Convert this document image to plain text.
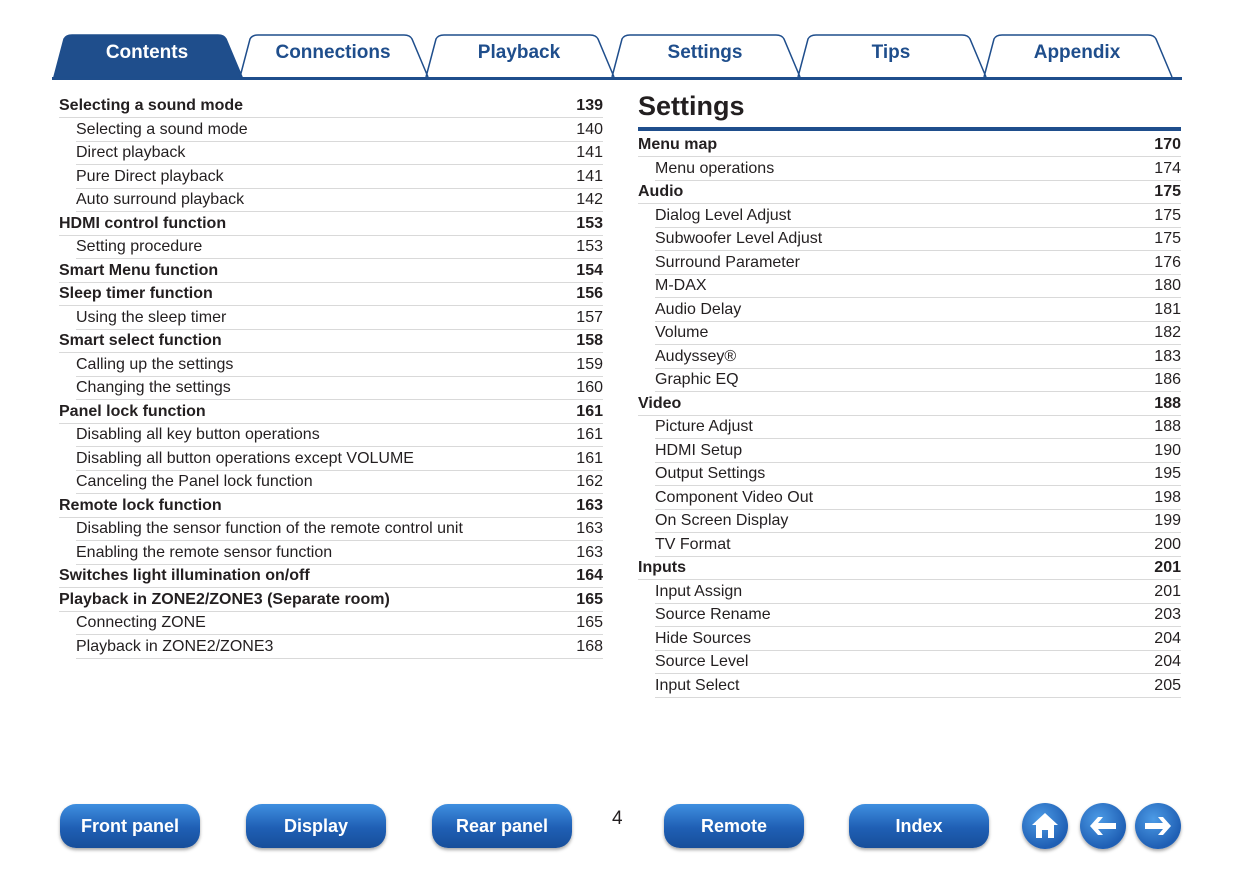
Contents	Connections	Playback	Settings	Tips	Appendix
Selecting a sound mode	139
Selecting a sound mode	140
Direct playback	141
Pure Direct playback	141
Auto surround playback	142
HDMI control function	153
Setting procedure	153
Smart Menu function	154
Sleep timer function	156
Using the sleep timer	157
Smart select function	158
Calling up the settings	159
Changing the settings	160
Panel lock function	161
Disabling all key button operations	161
Disabling all button operations except VOLUME	161
Canceling the Panel lock function	162
Remote lock function	163
Disabling the sensor function of the remote control unit	163
Enabling the remote sensor function	163
Switches light illumination on/off	164
Playback in ZONE2/ZONE3 (Separate room)	165
Connecting ZONE	165
Playback in ZONE2/ZONE3	168
Settings
Menu map	170
Menu operations	174
Audio	175
Dialog Level Adjust	175
Subwoofer Level Adjust	175
Surround Parameter	176
M-DAX	180
Audio Delay	181
Volume	182
Audyssey®	183
Graphic EQ	186
Video	188
Picture Adjust	188
HDMI Setup	190
Output Settings	195
Component Video Out	198
On Screen Display	199
TV Format	200
Inputs	201
Input Assign	201
Source Rename	203
Hide Sources	204
Source Level	204
Input Select	205
Front panel	Display	Rear panel	4	Remote	Index
